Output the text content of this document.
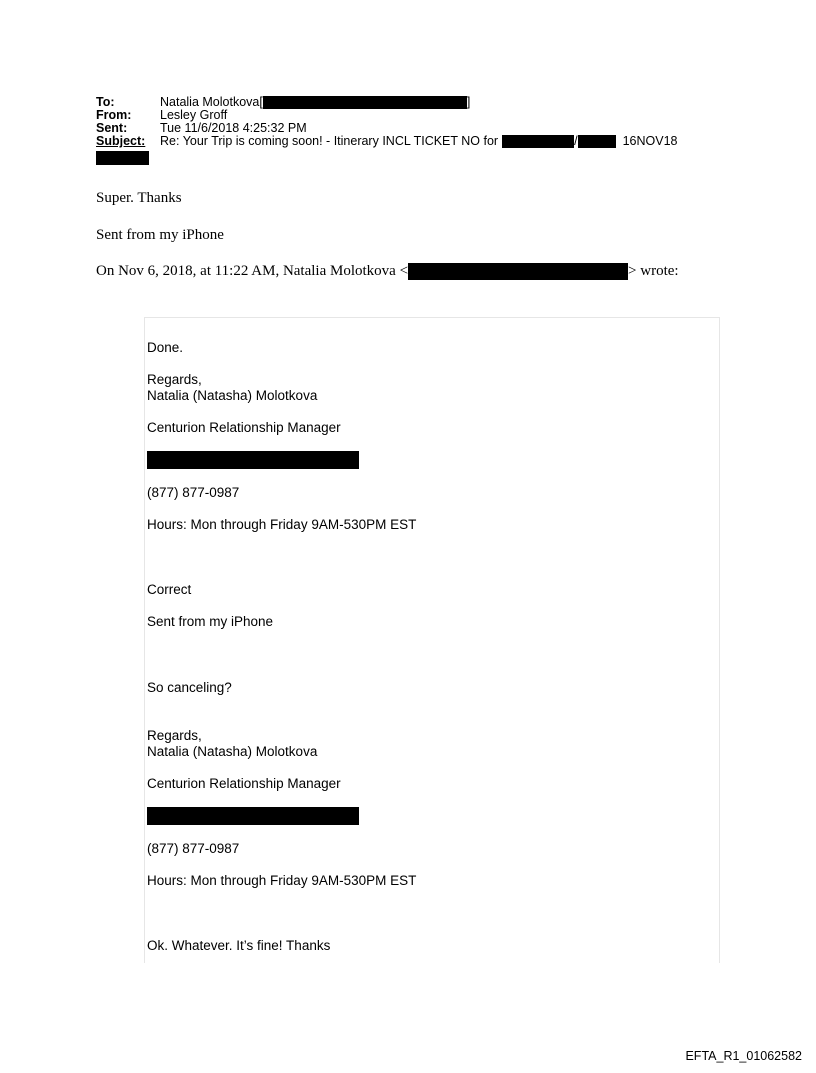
To:	Natalia Molotkova[	]
From: Lesley Groff
Sent:	Tue 11/6/2018 4:25:32 PM
Subject: Re: Your Trip is coming soon! - Itinerary INCL TICKET NO for	/	16NOV18
Super. Thanks
Sent from my iPhone
On Nov 6, 2018, at 11:22 AM, Natalia Molotkova <	> wrote:
Done.
Regards,
Natalia (Natasha) Molotkova
Centurion Relationship Manager
(877) 877-0987
Hours: Mon through Friday 9AM-530PM EST
Correct
Sent from my iPhone
So canceling?
Regards,
Natalia (Natasha) Molotkova
Centurion Relationship Manager
(877) 877-0987
Hours: Mon through Friday 9AM-530PM EST
Ok. Whatever. It’s fine! Thanks
EFTA_R1_01062582
